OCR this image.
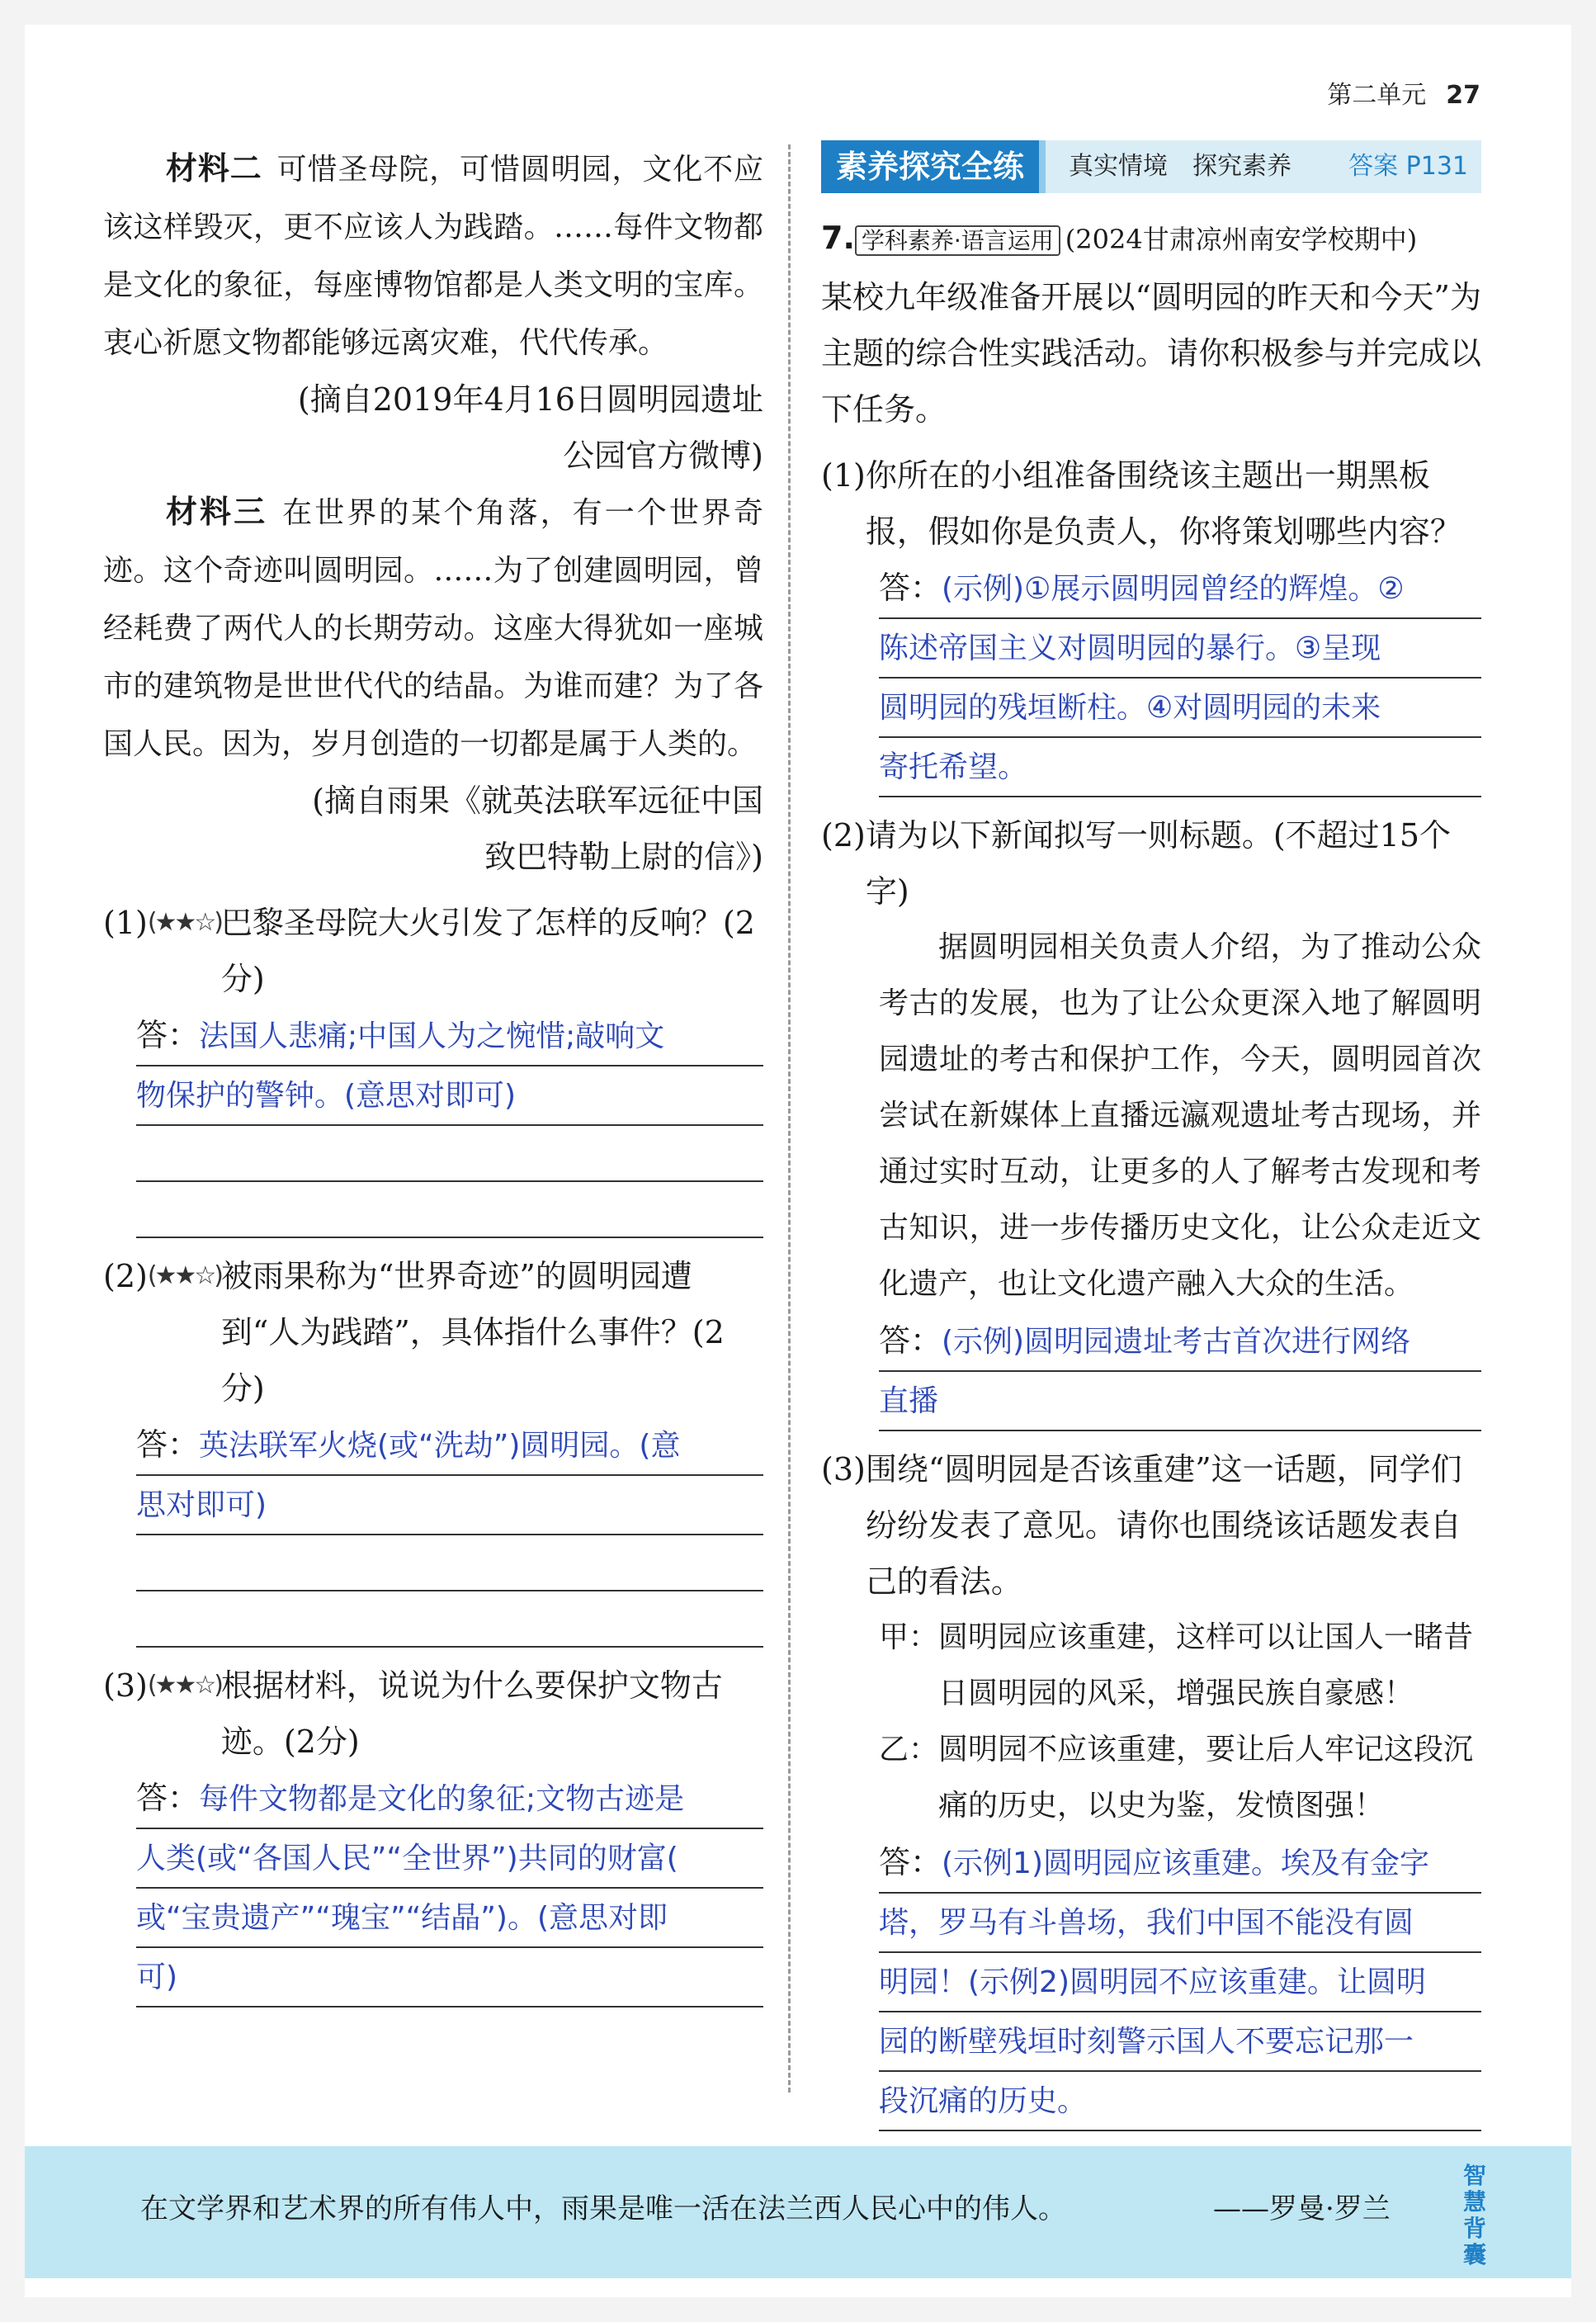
第二单元 27
材料二 可惜圣母院，可惜圆明园，文化不应该这样毁灭，更不应该人为践踏。……每件文物都是文化的象征，每座博物馆都是人类文明的宝库。衷心祈愿文物都能够远离灾难，代代传承。
(摘自2019年4月16日圆明园遗址
公园官方微博)
材料三 在世界的某个角落，有一个世界奇迹。这个奇迹叫圆明园。……为了创建圆明园，曾经耗费了两代人的长期劳动。这座大得犹如一座城市的建筑物是世世代代的结晶。为谁而建？为了各国人民。因为，岁月创造的一切都是属于人类的。
(摘自雨果《就英法联军远征中国
致巴特勒上尉的信》)
(1) (★★☆) 巴黎圣母院大火引发了怎样的反响？(2分)
答：法国人悲痛;中国人为之惋惜;敲响文
物保护的警钟。(意思对即可)
(2) (★★☆) 被雨果称为“世界奇迹”的圆明园遭到“人为践踏”，具体指什么事件？(2分)
答：英法联军火烧(或“洗劫”)圆明园。(意
思对即可)
(3) (★★☆) 根据材料，说说为什么要保护文物古迹。(2分)
答：每件文物都是文化的象征;文物古迹是
人类(或“各国人民”“全世界”)共同的财富(
或“宝贵遗产”“瑰宝”“结晶”)。(意思对即
可)
素养探究全练	真实情境　探究素养 答案 P131
7. 学科素养·语言运用 (2024甘肃凉州南安学校期中)
某校九年级准备开展以“圆明园的昨天和今天”为主题的综合性实践活动。请你积极参与并完成以下任务。
(1) 你所在的小组准备围绕该主题出一期黑板报，假如你是负责人，你将策划哪些内容？
答：(示例)①展示圆明园曾经的辉煌。②
陈述帝国主义对圆明园的暴行。③呈现
圆明园的残垣断柱。④对圆明园的未来
寄托希望。
(2) 请为以下新闻拟写一则标题。(不超过15个字)
据圆明园相关负责人介绍，为了推动公众考古的发展，也为了让公众更深入地了解圆明园遗址的考古和保护工作，今天，圆明园首次尝试在新媒体上直播远瀛观遗址考古现场，并通过实时互动，让更多的人了解考古发现和考古知识，进一步传播历史文化，让公众走近文化遗产，也让文化遗产融入大众的生活。
答：(示例)圆明园遗址考古首次进行网络
直播
(3) 围绕“圆明园是否该重建”这一话题，同学们纷纷发表了意见。请你也围绕该话题发表自己的看法。
甲： 圆明园应该重建，这样可以让国人一睹昔日圆明园的风采，增强民族自豪感！
乙： 圆明园不应该重建，要让后人牢记这段沉痛的历史，以史为鉴，发愤图强！
答：(示例1)圆明园应该重建。埃及有金字
塔，罗马有斗兽场，我们中国不能没有圆
明园！(示例2)圆明园不应该重建。让圆明
园的断壁残垣时刻警示国人不要忘记那一
段沉痛的历史。
在文学界和艺术界的所有伟人中，雨果是唯一活在法兰西人民心中的伟人。	——罗曼·罗兰
智慧背囊
